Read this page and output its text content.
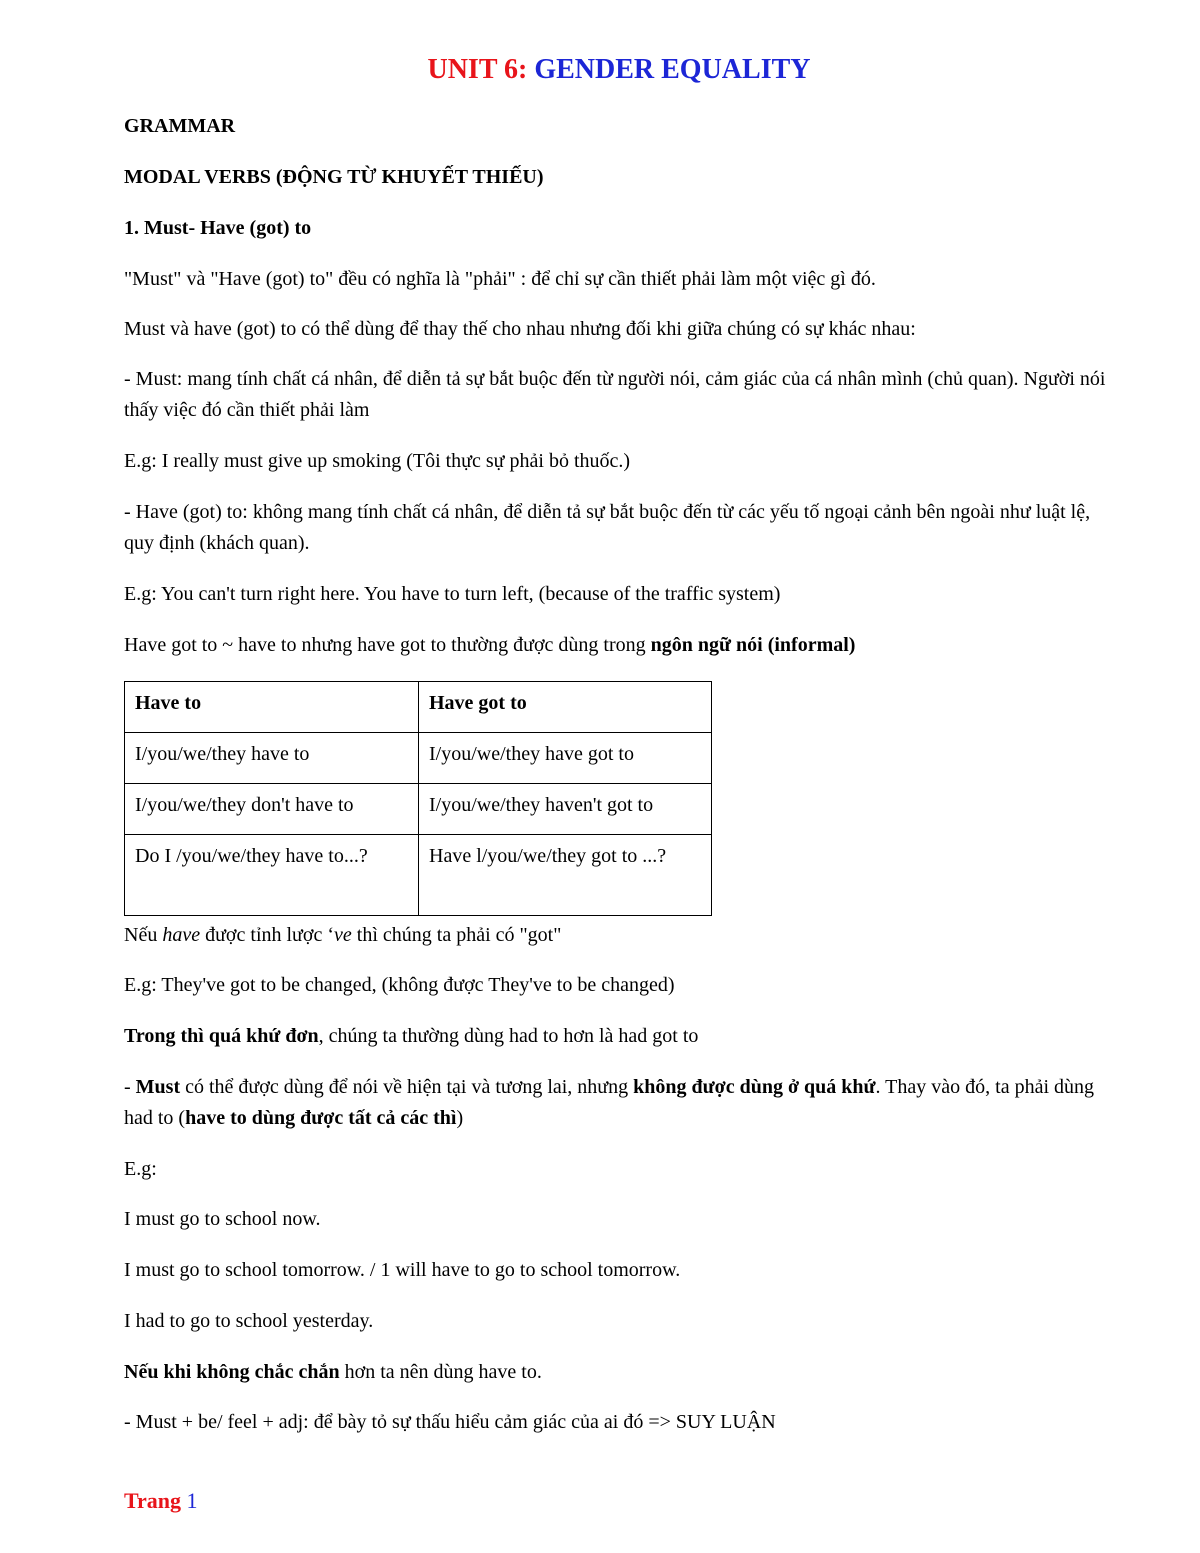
UNIT 6: GENDER EQUALITY
GRAMMAR
MODAL VERBS (ĐỘNG TỪ KHUYẾT THIẾU)
1. Must- Have (got) to
"Must" và "Have (got) to" đều có nghĩa là "phải" : để chỉ sự cần thiết phải làm một việc gì đó.
Must và have (got) to có thể dùng để thay thế cho nhau nhưng đối khi giữa chúng có sự khác nhau:
- Must: mang tính chất cá nhân, để diễn tả sự bắt buộc đến từ người nói, cảm giác của cá nhân mình (chủ quan). Người nói thấy việc đó cần thiết phải làm
E.g: I really must give up smoking (Tôi thực sự phải bỏ thuốc.)
- Have (got) to: không mang tính chất cá nhân, để diễn tả sự bắt buộc đến từ các yếu tố ngoại cảnh bên ngoài như luật lệ, quy định (khách quan).
E.g: You can't turn right here. You have to turn left, (because of the traffic system)
Have got to ~ have to nhưng have got to thường được dùng trong ngôn ngữ nói (informal)
Have to	Have got to
I/you/we/they have to	I/you/we/they have got to
I/you/we/they don't have to	I/you/we/they haven't got to
Do I /you/we/they have to...?	Have l/you/we/they got to ...?
Nếu have được tỉnh lược ‘ve thì chúng ta phải có "got"
E.g: They've got to be changed, (không được They've to be changed)
Trong thì quá khứ đơn, chúng ta thường dùng had to hơn là had got to
- Must có thể được dùng để nói về hiện tại và tương lai, nhưng không được dùng ở quá khứ. Thay vào đó, ta phải dùng had to (have to dùng được tất cả các thì)
E.g:
I must go to school now.
I must go to school tomorrow. / 1 will have to go to school tomorrow.
I had to go to school yesterday.
Nếu khi không chắc chắn hơn ta nên dùng have to.
- Must + be/ feel + adj: để bày tỏ sự thấu hiểu cảm giác của ai đó => SUY LUẬN
Trang 1
